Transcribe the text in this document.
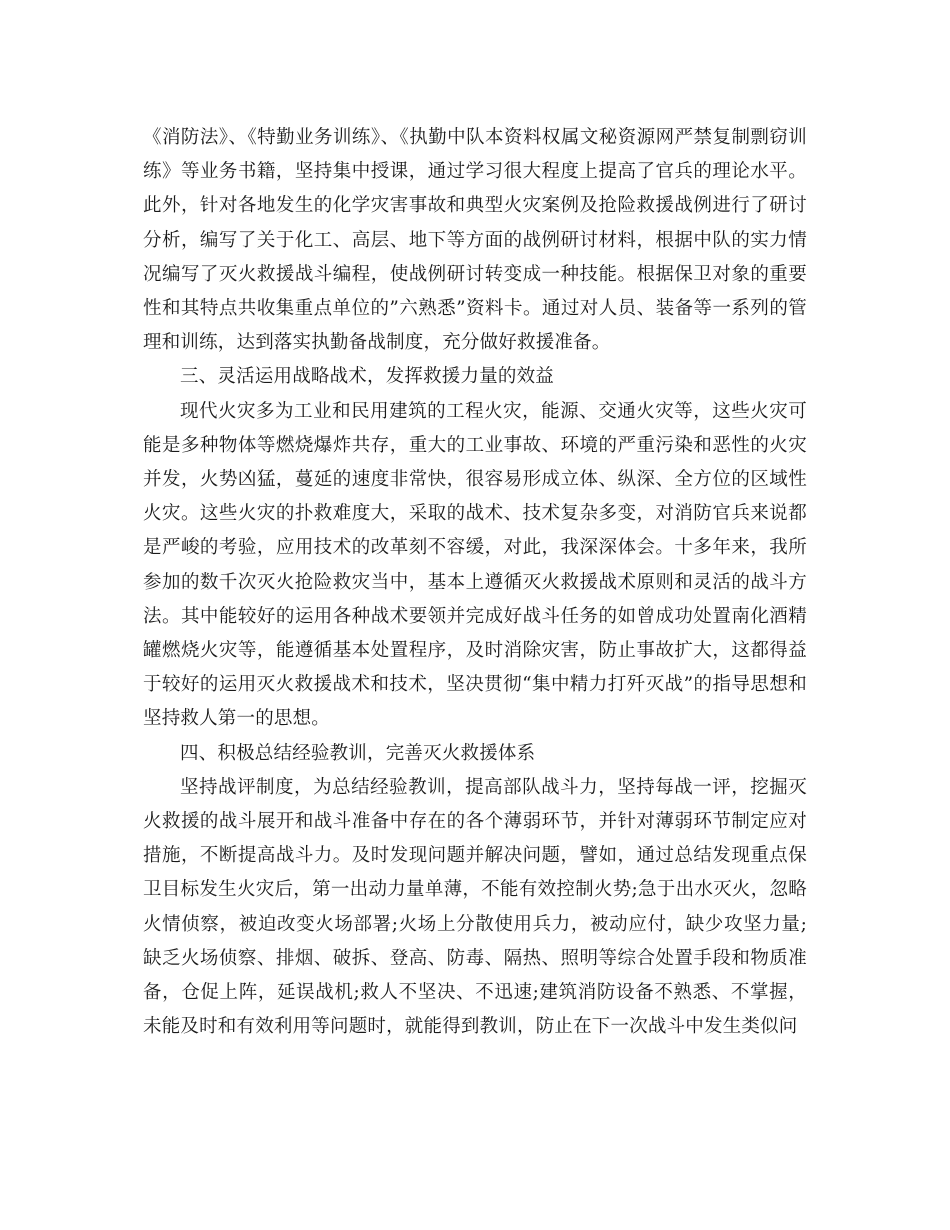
《消防法》、《特勤业务训练》、《执勤中队本资料权属文秘资源网严禁复制剽窃训练》等业务书籍，坚持集中授课，通过学习很大程度上提高了官兵的理论水平。此外，针对各地发生的化学灾害事故和典型火灾案例及抢险救援战例进行了研讨分析，编写了关于化工、高层、地下等方面的战例研讨材料，根据中队的实力情况编写了灭火救援战斗编程，使战例研讨转变成一种技能。根据保卫对象的重要性和其特点共收集重点单位的”六熟悉”资料卡。通过对人员、装备等一系列的管理和训练，达到落实执勤备战制度，充分做好救援准备。

三、灵活运用战略战术，发挥救援力量的效益

现代火灾多为工业和民用建筑的工程火灾，能源、交通火灾等，这些火灾可能是多种物体等燃烧爆炸共存，重大的工业事故、环境的严重污染和恶性的火灾并发，火势凶猛，蔓延的速度非常快，很容易形成立体、纵深、全方位的区域性火灾。这些火灾的扑救难度大，采取的战术、技术复杂多变，对消防官兵来说都是严峻的考验，应用技术的改革刻不容缓，对此，我深深体会。十多年来，我所参加的数千次灭火抢险救灾当中，基本上遵循灭火救援战术原则和灵活的战斗方法。其中能较好的运用各种战术要领并完成好战斗任务的如曾成功处置南化酒精罐燃烧火灾等，能遵循基本处置程序，及时消除灾害，防止事故扩大，这都得益于较好的运用灭火救援战术和技术，坚决贯彻“集中精力打歼灭战”的指导思想和坚持救人第一的思想。

四、积极总结经验教训，完善灭火救援体系

坚持战评制度，为总结经验教训，提高部队战斗力，坚持每战一评，挖掘灭火救援的战斗展开和战斗准备中存在的各个薄弱环节，并针对薄弱环节制定应对措施，不断提高战斗力。及时发现问题并解决问题，譬如，通过总结发现重点保卫目标发生火灾后，第一出动力量单薄，不能有效控制火势;急于出水灭火，忽略火情侦察，被迫改变火场部署;火场上分散使用兵力，被动应付，缺少攻坚力量;缺乏火场侦察、排烟、破拆、登高、防毒、隔热、照明等综合处置手段和物质准备，仓促上阵，延误战机;救人不坚决、不迅速;建筑消防设备不熟悉、不掌握，未能及时和有效利用等问题时，就能得到教训，防止在下一次战斗中发生类似问
